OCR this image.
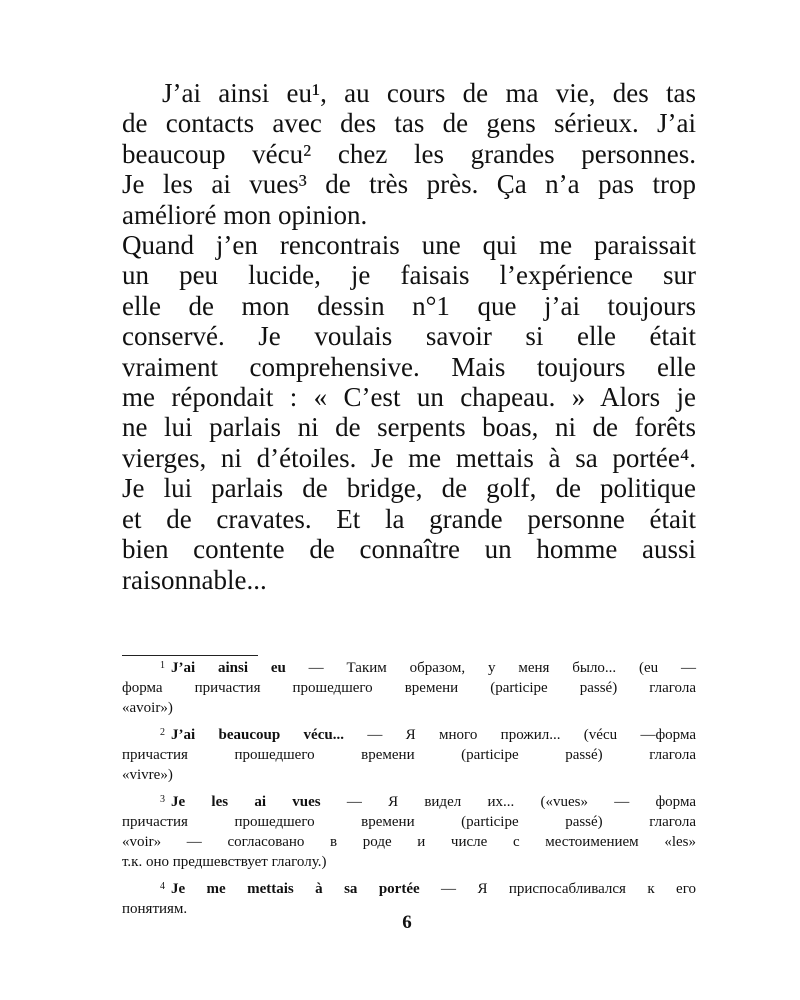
J’ai ainsi eu¹, au cours de ma vie, des tas
de contacts avec des tas de gens sérieux. J’ai
beaucoup vécu² chez les grandes personnes.
Je les ai vues³ de très près. Ça n’a pas trop
amélioré mon opinion.
Quand j’en rencontrais une qui me paraissait
un peu lucide, je faisais l’expérience sur
elle de mon dessin n°1 que j’ai toujours
conservé. Je voulais savoir si elle était
vraiment comprehensive. Mais toujours elle
me répondait : « C’est un chapeau. » Alors je
ne lui parlais ni de serpents boas, ni de forêts
vierges, ni d’étoiles. Je me mettais à sa portée⁴.
Je lui parlais de bridge, de golf, de politique
et de cravates. Et la grande personne était
bien contente de connaître un homme aussi
raisonnable...
$^1$ J’ai ainsi eu — Таким образом, у меня было... (eu —
форма причастия прошедшего времени (participe passé) глагола
«avoir»)
$^2$ J’ai beaucoup vécu... — Я много прожил... (vécu —форма
причастия прошедшего времени (participe passé) глагола
«vivre»)
$^3$ Je les ai vues — Я видел их... («vues» — форма
причастия прошедшего времени (participe passé) глагола
«voir» — согласовано в роде и числе с местоимением «les»
т.к. оно предшевствует глаголу.)
$^4$ Je me mettais à sa portée — Я приспосабливался к его
понятиям.
6
